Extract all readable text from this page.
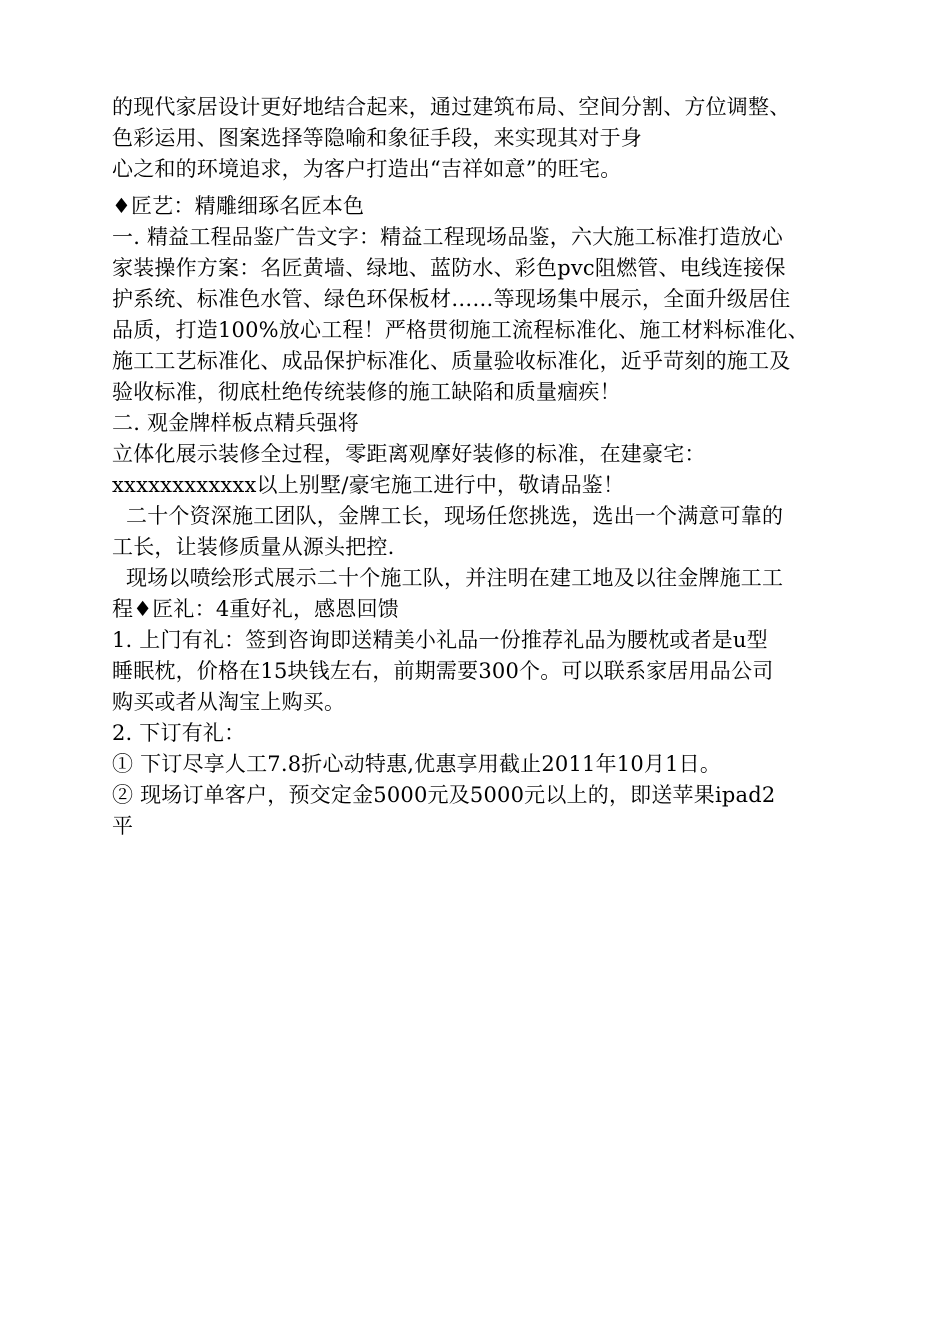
的现代家居设计更好地结合起来，通过建筑布局、空间分割、方位调整、
色彩运用、图案选择等隐喻和象征手段，来实现其对于身
心之和的环境追求，为客户打造出“吉祥如意”的旺宅。
♦匠艺：精雕细琢名匠本色
一. 精益工程品鉴广告文字：精益工程现场品鉴，六大施工标准打造放心
家装操作方案：名匠黄墙、绿地、蓝防水、彩色pvc阻燃管、电线连接保
护系统、标准色水管、绿色环保板材……等现场集中展示，全面升级居住
品质，打造100%放心工程！严格贯彻施工流程标准化、施工材料标准化、
施工工艺标准化、成品保护标准化、质量验收标准化，近乎苛刻的施工及
验收标准，彻底杜绝传统装修的施工缺陷和质量痼疾！
二. 观金牌样板点精兵强将
立体化展示装修全过程，零距离观摩好装修的标准，在建豪宅：
xxxxxxxxxxxx以上别墅/豪宅施工进行中，敬请品鉴！
二十个资深施工团队，金牌工长，现场任您挑选，选出一个满意可靠的
工长，让装修质量从源头把控.
现场以喷绘形式展示二十个施工队，并注明在建工地及以往金牌施工工
程♦匠礼：4重好礼，感恩回馈
1. 上门有礼：签到咨询即送精美小礼品一份推荐礼品为腰枕或者是u型
睡眠枕，价格在15块钱左右，前期需要300个。可以联系家居用品公司
购买或者从淘宝上购买。
2. 下订有礼：
① 下订尽享人工7.8折心动特惠,优惠享用截止2011年10月1日。
② 现场订单客户，预交定金5000元及5000元以上的，即送苹果ipad2
平
